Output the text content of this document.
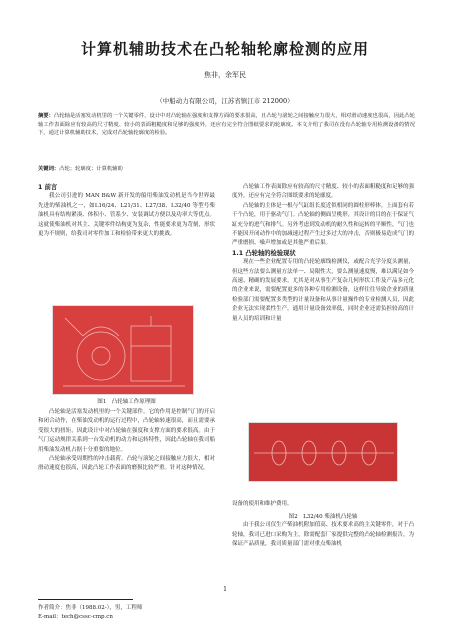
计算机辅助技术在凸轮轴轮廓检测的应用
焦非，余军民
（中船动力有限公司，江苏省镇江市 212000）
摘要：凸轮轴是活塞发动机里的一个关键零件，设计中对凸轮轴在强度和支撑方面的要求很高，且凸轮与滚轮之间接触应力很大，相对滑动速度也很高，因此凸轮轴工作表面除应有较高的尺寸精度、较小的表面粗糙度和足够的强度外，还应有完全符合图纸要求的轮廓度。本文介绍了我司在没有凸轮轴专用检测设备的情况下，通过计算机辅助技术，完成对凸轮轴轮廓度的检验。
关键词：凸轮；轮廓度；计算机辅助

1 前言

我公司引进的 MAN B&W 新开发的船用柴油发动机是当今世界最先进的柴油机之一，如L16/24、L21/31、L27/38、L32/40 等型号柴油机具有结构紧凑、体积小、管系少、安装调试方便以及功率大等优点。这就使柴油机对其主、关键零件结构更为复杂，性能要求更为苛刻，形状更为不规则，给我司对零件加工和检验带来更大的挑战。

图1　凸轮轴工作原理图

凸轮轴是活塞发动机里的一个关键部件。它的作用是控制气门的开启和闭合动作，在柴油发动机的运行过程中，凸轮轴转速很高，而且需要承受很大的扭矩，因此设计中对凸轮轴在强度和支撑方面的要求很高。由于气门运动规律关系到一台发动机的动力和运转特性，因此凸轮轴在我司船用柴油发动机占据十分重要的地位。

凸轮轴承受周期性的冲击载荷。凸轮与滚轮之间接触应力很大，相对滑动速度也很高，因此凸轮工作表面的磨损比较严重。针对这种情况，

凸轮轴工作表面除应有较高的尺寸精度、较小的表面粗糙度和足够的强度外，还应有完全符合图纸要求的轮廓度。

凸轮轴的主体是一根与气缸组长度近似相同的圆柱形棒体。上面套有若干个凸轮，用于驱动气门。凸轮轴的侧面呈桃形，其设计的目的在于保证气缸充分的进气和排气。另外考虑到发动机的耐久性和运转的平顺性，气门也不能因开闭动作中的加减速过程产生过多过大的冲击，否则极易造成气门的严重磨损、噪声增加或是其他严重后果。

1.1 凸轮轴的检验现状

现在一些企业配置专用的凸轮轮廓线检测仪，或配合光学分度头测量，但这些方法要么测量方法单一、局限性大，要么测量速度慢，难以满足如今高速、精确的发展要求。尤其是对从事生产复杂几何形状工件及产品多元化的企业来说，需要配置更多的各种专用检测设备，这样往往导致企业的质量检验部门需要配置多类型的计量设备和从事计量操作的专业检测人员，因此企业无法实现柔性生产。通用计量设备效率低，同时企业还需负担较高的计量人员的培训和计量

设备的使用和维护费用。

由于我公司仅生产柴油机附加值高、技术要求高的主关键零件，对于凸轮轴，我司已进口采购为主，除需配套厂家提供完整的凸轮轴检测报告，为保证产品质量，我司质量部门需对重点柴油机

图2　L32/40 柴油机凸轮轴
1
作者简介：焦非（1988.02-），男，工程师
E-mail：tech@cssc-cmp.cn
